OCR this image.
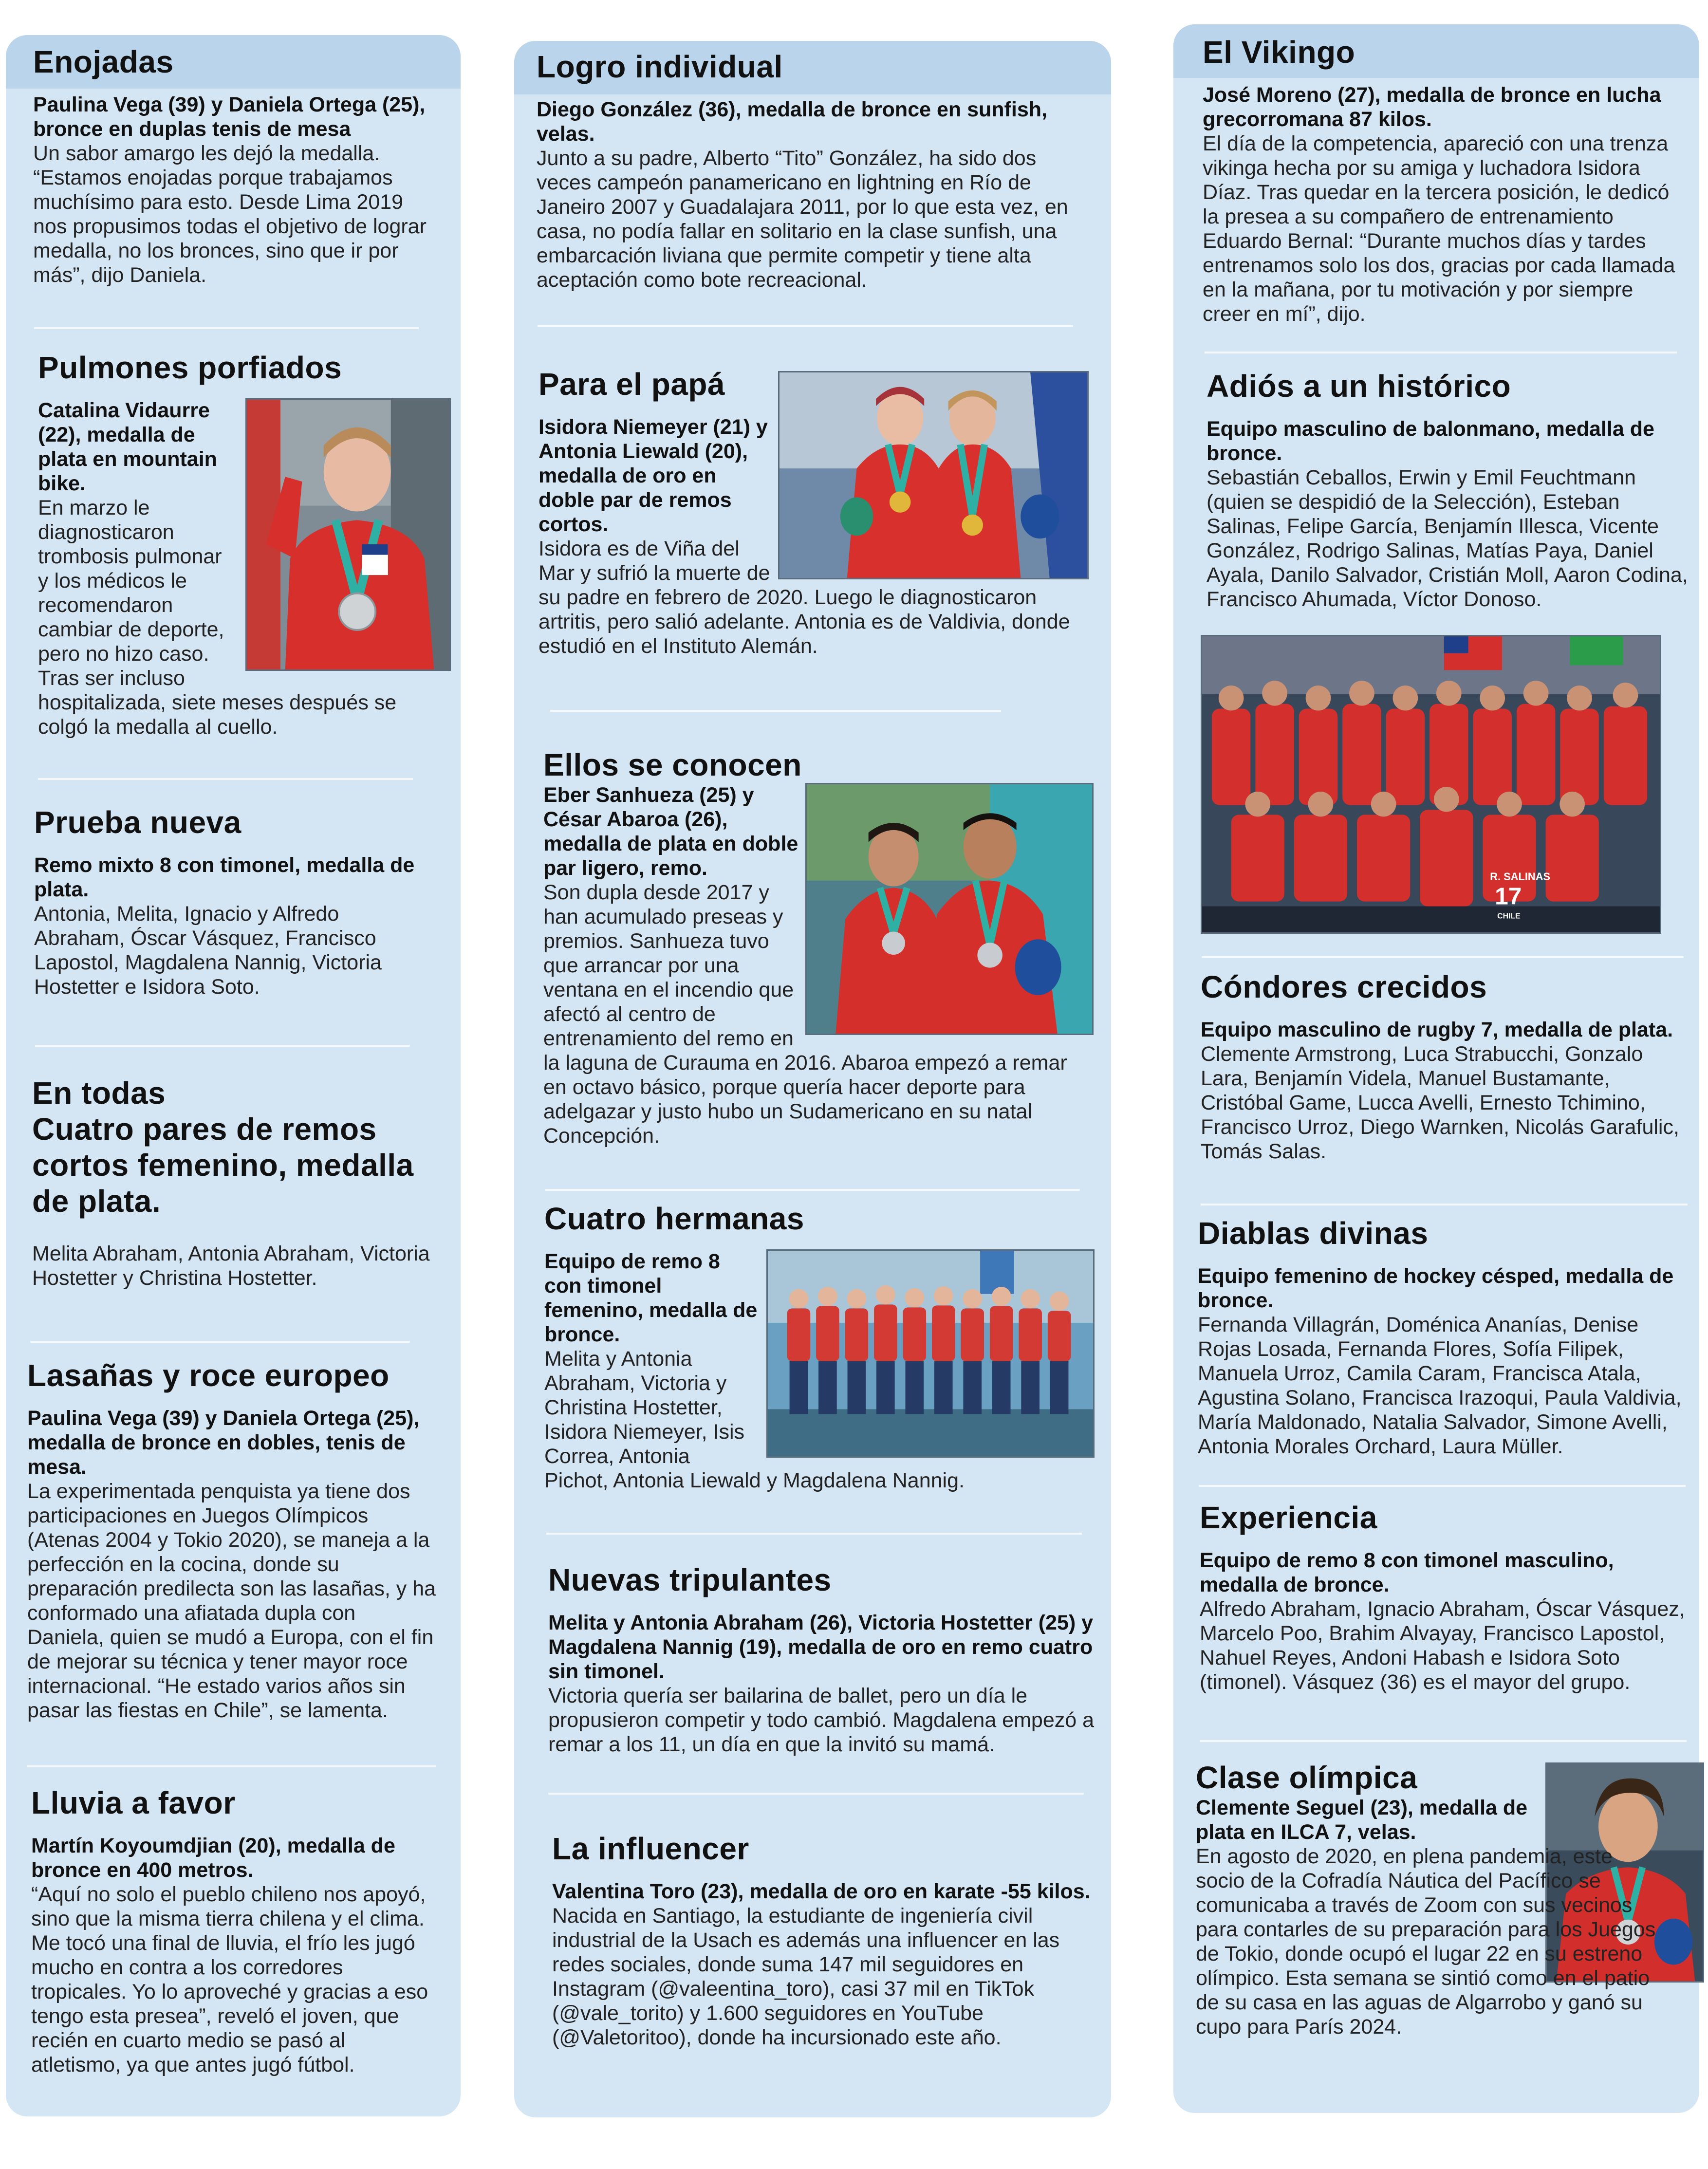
Enojadas
Paulina Vega (39) y Daniela Ortega (25), bronce en duplas tenis de mesa
Un sabor amargo les dejó la medalla. “Estamos enojadas porque trabajamos muchísimo para esto. Desde Lima 2019 nos propusimos todas el objetivo de lograr medalla, no los bronces, sino que ir por más”, dijo Daniela.
Pulmones porfiados
Catalina Vidaurre (22), medalla de plata en mountain bike.
En marzo le diagnosticaron trombosis pulmonar y los médicos le recomendaron cambiar de deporte, pero no hizo caso. Tras ser incluso hospitalizada, siete meses después se colgó la medalla al cuello.
Prueba nueva
Remo mixto 8 con timonel, medalla de plata.
Antonia, Melita, Ignacio y Alfredo Abraham, Óscar Vásquez, Francisco Lapostol, Magdalena Nannig, Victoria Hostetter e Isidora Soto.
En todas
Cuatro pares de remos cortos femenino, medalla de plata.
Melita Abraham, Antonia Abraham, Victoria Hostetter y Christina Hostetter.
Lasañas y roce europeo
Paulina Vega (39) y Daniela Ortega (25), medalla de bronce en dobles, tenis de mesa.
La experimentada penquista ya tiene dos participaciones en Juegos Olímpicos (Atenas 2004 y Tokio 2020), se maneja a la perfección en la cocina, donde su preparación predilecta son las lasañas, y ha conformado una afiatada dupla con Daniela, quien se mudó a Europa, con el fin de mejorar su técnica y tener mayor roce internacional. “He estado varios años sin pasar las fiestas en Chile”, se lamenta.
Lluvia a favor
Martín Koyoumdjian (20), medalla de bronce en 400 metros.
“Aquí no solo el pueblo chileno nos apoyó, sino que la misma tierra chilena y el clima. Me tocó una final de lluvia, el frío les jugó mucho en contra a los corredores tropicales. Yo lo aproveché y gracias a eso tengo esta presea”, reveló el joven, que recién en cuarto medio se pasó al atletismo, ya que antes jugó fútbol.
Logro individual
Diego González (36), medalla de bronce en sunfish, velas.
Junto a su padre, Alberto “Tito” González, ha sido dos veces campeón panamericano en lightning en Río de Janeiro 2007 y Guadalajara 2011, por lo que esta vez, en casa, no podía fallar en solitario en la clase sunfish, una embarcación liviana que permite competir y tiene alta aceptación como bote recreacional.
Para el papá
Isidora Niemeyer (21) y Antonia Liewald (20), medalla de oro en doble par de remos cortos.
Isidora es de Viña del Mar y sufrió la muerte de su padre en febrero de 2020. Luego le diagnosticaron artritis, pero salió adelante. Antonia es de Valdivia, donde estudió en el Instituto Alemán.
Ellos se conocen
Eber Sanhueza (25) y César Abaroa (26), medalla de plata en doble par ligero, remo.
Son dupla desde 2017 y han acumulado preseas y premios. Sanhueza tuvo que arrancar por una ventana en el incendio que afectó al centro de entrenamiento del remo en la laguna de Curauma en 2016. Abaroa empezó a remar en octavo básico, porque quería hacer deporte para adelgazar y justo hubo un Sudamericano en su natal Concepción.
Cuatro hermanas
Equipo de remo 8 con timonel femenino, medalla de bronce.
Melita y Antonia Abraham, Victoria y Christina Hostetter, Isidora Niemeyer, Isis Correa, Antonia Pichot, Antonia Liewald y Magdalena Nannig.
Nuevas tripulantes
Melita y Antonia Abraham (26), Victoria Hostetter (25) y Magdalena Nannig (19), medalla de oro en remo cuatro sin timonel.
Victoria quería ser bailarina de ballet, pero un día le propusieron competir y todo cambió. Magdalena empezó a remar a los 11, un día en que la invitó su mamá.
La influencer
Valentina Toro (23), medalla de oro en karate -55 kilos.
Nacida en Santiago, la estudiante de ingeniería civil industrial de la Usach es además una influencer en las redes sociales, donde suma 147 mil seguidores en Instagram (@valeentina_toro), casi 37 mil en TikTok (@vale_torito) y 1.600 seguidores en YouTube (@Valetoritoo), donde ha incursionado este año.
El Vikingo
José Moreno (27), medalla de bronce en lucha grecorromana 87 kilos.
El día de la competencia, apareció con una trenza vikinga hecha por su amiga y luchadora Isidora Díaz. Tras quedar en la tercera posición, le dedicó la presea a su compañero de entrenamiento Eduardo Bernal: “Durante muchos días y tardes entrenamos solo los dos, gracias por cada llamada en la mañana, por tu motivación y por siempre creer en mí”, dijo.
Adiós a un histórico
Equipo masculino de balonmano, medalla de bronce.
Sebastián Ceballos, Erwin y Emil Feuchtmann (quien se despidió de la Selección), Esteban Salinas, Felipe García, Benjamín Illesca, Vicente González, Rodrigo Salinas, Matías Paya, Daniel Ayala, Danilo Salvador, Cristián Moll, Aaron Codina, Francisco Ahumada, Víctor Donoso.
R. SALINAS
17
CHILE
Cóndores crecidos
Equipo masculino de rugby 7, medalla de plata.
Clemente Armstrong, Luca Strabucchi, Gonzalo Lara, Benjamín Videla, Manuel Bustamante, Cristóbal Game, Lucca Avelli, Ernesto Tchimino, Francisco Urroz, Diego Warnken, Nicolás Garafulic, Tomás Salas.
Diablas divinas
Equipo femenino de hockey césped, medalla de bronce.
Fernanda Villagrán, Doménica Ananías, Denise Rojas Losada, Fernanda Flores, Sofía Filipek, Manuela Urroz, Camila Caram, Francisca Atala, Agustina Solano, Francisca Irazoqui, Paula Valdivia, María Maldonado, Natalia Salvador, Simone Avelli, Antonia Morales Orchard, Laura Müller.
Experiencia
Equipo de remo 8 con timonel masculino, medalla de bronce.
Alfredo Abraham, Ignacio Abraham, Óscar Vásquez, Marcelo Poo, Brahim Alvayay, Francisco Lapostol, Nahuel Reyes, Andoni Habash e Isidora Soto (timonel). Vásquez (36) es el mayor del grupo.
Clase olímpica
Clemente Seguel (23), medalla de plata en ILCA 7, velas.
En agosto de 2020, en plena pandemia, este socio de la Cofradía Náutica del Pacífico se comunicaba a través de Zoom con sus vecinos para contarles de su preparación para los Juegos de Tokio, donde ocupó el lugar 22 en su estreno olímpico. Esta semana se sintió como en el patio de su casa en las aguas de Algarrobo y ganó su cupo para París 2024.
